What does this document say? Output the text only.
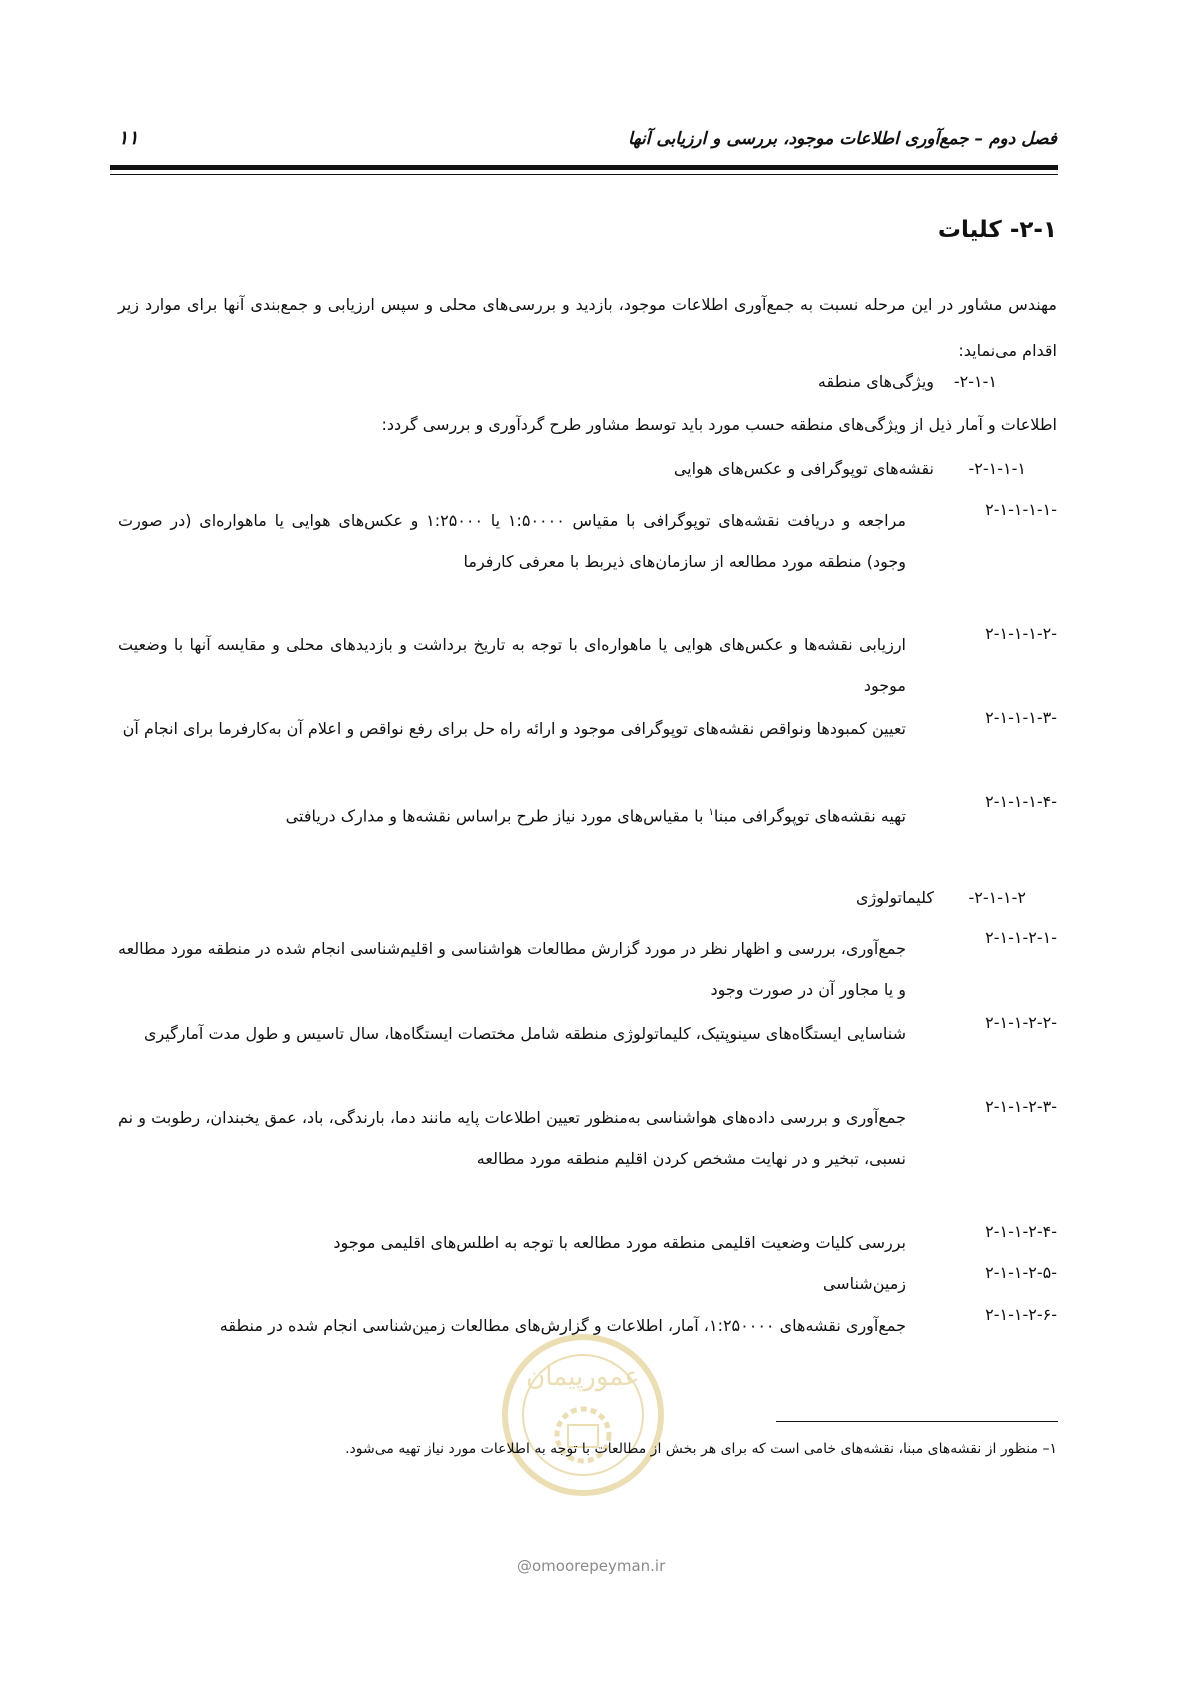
فصل دوم – جمع‌آوری اطلاعات موجود، بررسی و ارزیابی آنها
۱۱
۲-۱- کلیات
مهندس مشاور در این مرحله نسبت به جمع‌آوری اطلاعات موجود، بازدید و بررسی‌های محلی و سپس ارزیابی و جمع‌بندی آنها برای موارد زیر اقدام می‌نماید:
۲-۱-۱-
ویژگی‌های منطقه
اطلاعات و آمار ذیل از ویژگی‌های منطقه حسب مورد باید توسط مشاور طرح گردآوری و بررسی گردد:
۲-۱-۱-۱-
نقشه‌های توپوگرافی و عکس‌های هوایی
۲-۱-۱-۱-۱-
مراجعه و دریافت نقشه‌های توپوگرافی با مقیاس ۱:۵۰۰۰۰ یا ۱:۲۵۰۰۰ و عکس‌های هوایی یا ماهواره‌ای (در صورت وجود) منطقه مورد مطالعه از سازمان‌های ذیربط با معرفی کارفرما
۲-۱-۱-۱-۲-
ارزیابی نقشه‌ها و عکس‌های هوایی یا ماهواره‌ای با توجه به تاریخ برداشت و بازدیدهای محلی و مقایسه آنها با وضعیت موجود
۲-۱-۱-۱-۳-
تعیین کمبودها ونواقص نقشه‌های توپوگرافی موجود و ارائه راه حل برای رفع نواقص و اعلام آن به‌کارفرما برای انجام آن
۲-۱-۱-۱-۴-
تهیه نقشه‌های توپوگرافی مبنا$^۱$ با مقیاس‌های مورد نیاز طرح براساس نقشه‌ها و مدارک دریافتی
۲-۱-۱-۲-
کلیماتولوژی
۲-۱-۱-۲-۱-
جمع‌آوری، بررسی و اظهار نظر در مورد گزارش مطالعات هواشناسی و اقلیم‌شناسی انجام شده در منطقه مورد مطالعه و یا مجاور آن در صورت وجود
۲-۱-۱-۲-۲-
شناسایی ایستگاه‌های سینوپتیک، کلیماتولوژی منطقه شامل مختصات ایستگاه‌ها، سال تاسیس و طول مدت آمارگیری
۲-۱-۱-۲-۳-
جمع‌آوری و بررسی داده‌های هواشناسی به‌منظور تعیین اطلاعات پایه مانند دما، بارندگی، باد، عمق یخبندان، رطوبت و نم نسبی، تبخیر و در نهایت مشخص کردن اقلیم منطقه مورد مطالعه
۲-۱-۱-۲-۴-
بررسی کلیات وضعیت اقلیمی منطقه مورد مطالعه با توجه به اطلس‌های اقلیمی موجود
۲-۱-۱-۲-۵-
زمین‌شناسی
۲-۱-۱-۲-۶-
جمع‌آوری نقشه‌های ۱:۲۵۰۰۰۰، آمار، اطلاعات و گزارش‌های مطالعات زمین‌شناسی انجام شده در منطقه
عمورپیمان
۱– منظور از نقشه‌های مبنا، نقشه‌های خامی است که برای هر بخش از مطالعات با توجه به اطلاعات مورد نیاز تهیه می‌شود.
@omoorepeyman.ir
